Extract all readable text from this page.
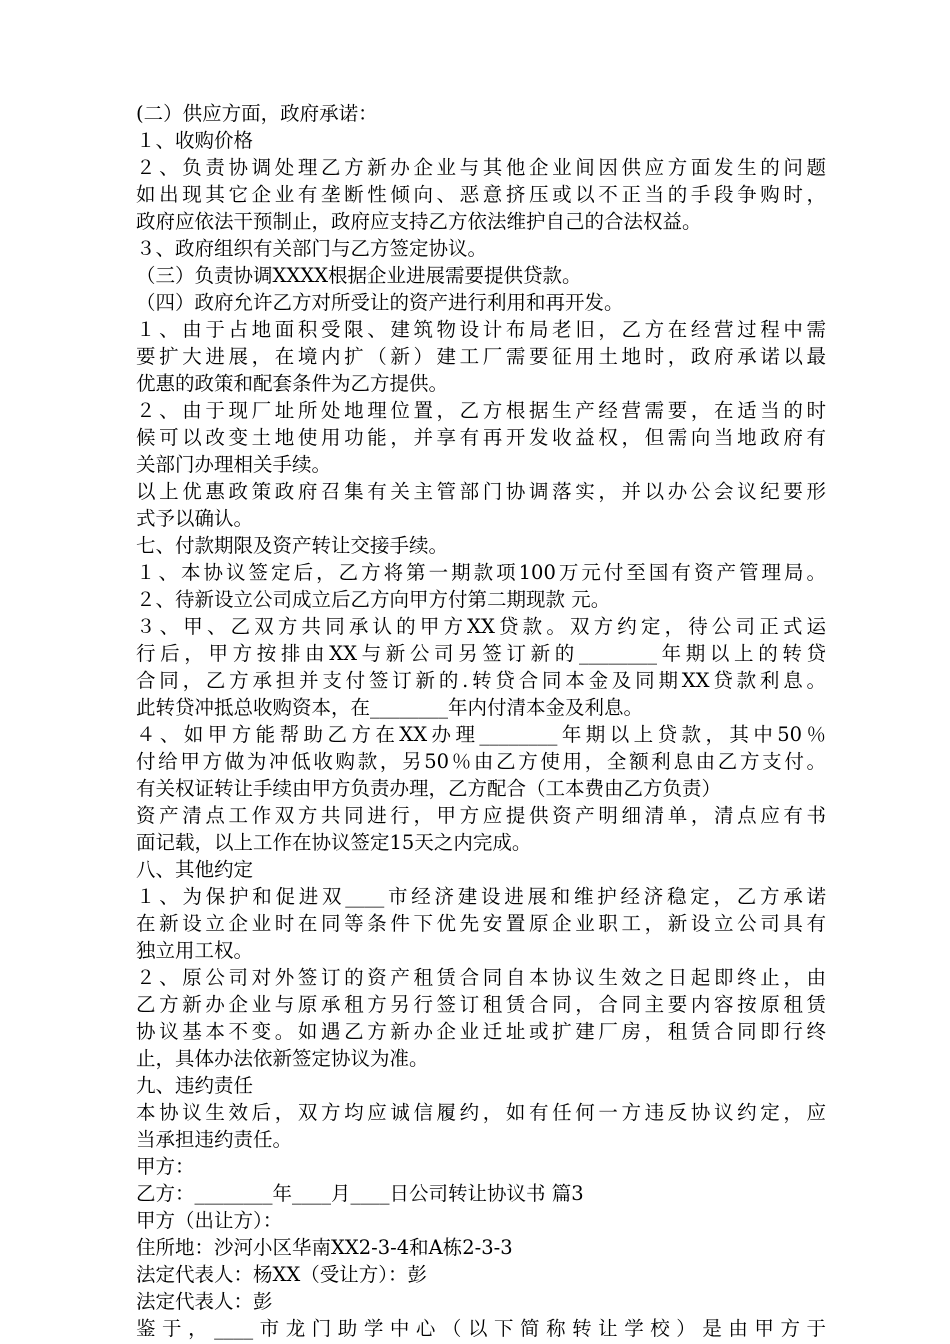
(二）供应方面，政府承诺：
１、收购价格
２、负责协调处理乙方新办企业与其他企业间因供应方面发生的问题
如出现其它企业有垄断性倾向、恶意挤压或以不正当的手段争购时，
政府应依法干预制止，政府应支持乙方依法维护自己的合法权益。
３、政府组织有关部门与乙方签定协议。
（三）负责协调XXXX根据企业进展需要提供贷款。
（四）政府允许乙方对所受让的资产进行利用和再开发。
１、由于占地面积受限、建筑物设计布局老旧，乙方在经营过程中需
要扩大进展，在境内扩（新）建工厂需要征用土地时，政府承诺以最
优惠的政策和配套条件为乙方提供。
２、由于现厂址所处地理位置，乙方根据生产经营需要，在适当的时
候可以改变土地使用功能，并享有再开发收益权，但需向当地政府有
关部门办理相关手续。
以上优惠政策政府召集有关主管部门协调落实，并以办公会议纪要形
式予以确认。
七、付款期限及资产转让交接手续。
１、本协议签定后，乙方将第一期款项100万元付至国有资产管理局。
２、待新设立公司成立后乙方向甲方付第二期现款 元。
３、甲、乙双方共同承认的甲方XX贷款。双方约定，待公司正式运
行后，甲方按排由XX与新公司另签订新的________年期以上的转贷
合同，乙方承担并支付签订新的.转贷合同本金及同期XX贷款利息。
此转贷冲抵总收购资本，在________年内付清本金及利息。
４、如甲方能帮助乙方在XX办理________年期以上贷款，其中50％
付给甲方做为冲低收购款，另50％由乙方使用，全额利息由乙方支付。
有关权证转让手续由甲方负责办理，乙方配合（工本费由乙方负责）
资产清点工作双方共同进行，甲方应提供资产明细清单，清点应有书
面记载，以上工作在协议签定15天之内完成。
八、其他约定
１、为保护和促进双____市经济建设进展和维护经济稳定，乙方承诺
在新设立企业时在同等条件下优先安置原企业职工，新设立公司具有
独立用工权。
２、原公司对外签订的资产租赁合同自本协议生效之日起即终止，由
乙方新办企业与原承租方另行签订租赁合同，合同主要内容按原租赁
协议基本不变。如遇乙方新办企业迁址或扩建厂房，租赁合同即行终
止，具体办法依新签定协议为准。
九、违约责任
本协议生效后，双方均应诚信履约，如有任何一方违反协议约定，应
当承担违约责任。
甲方：
乙方：________年____月____日公司转让协议书 篇3
甲方（出让方）：
住所地：沙河小区华南XX2-3-4和A栋2-3-3
法定代表人：杨XX（受让方）：彭
法定代表人：彭
鉴于，____市龙门助学中心（以下简称转让学校）是由甲方于
